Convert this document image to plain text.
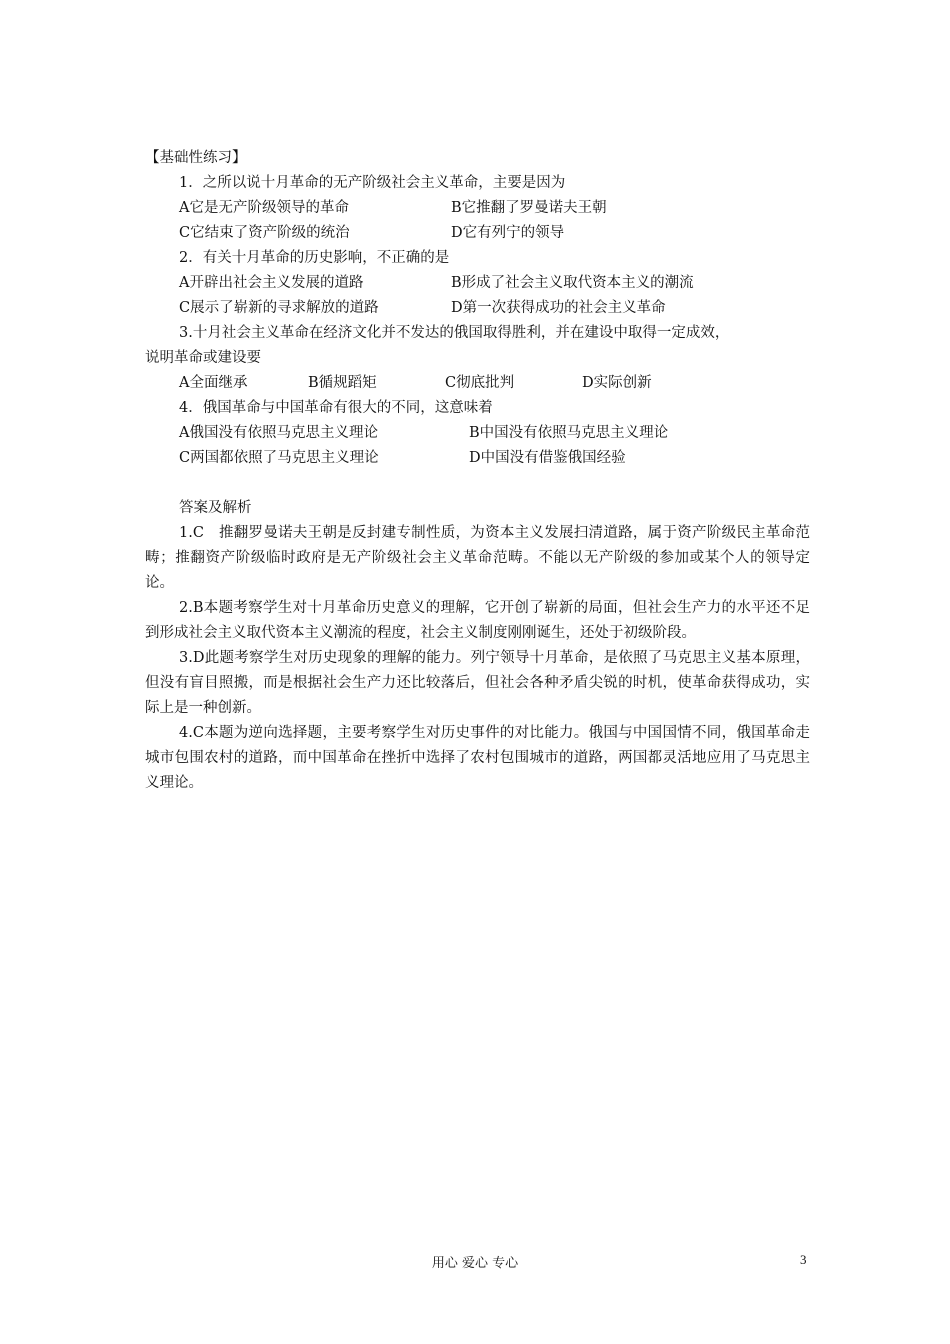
【基础性练习】
1．之所以说十月革命的无产阶级社会主义革命，主要是因为
A它是无产阶级领导的革命	B它推翻了罗曼诺夫王朝
C它结束了资产阶级的统治	D它有列宁的领导
2．有关十月革命的历史影响，不正确的是
A开辟出社会主义发展的道路	B形成了社会主义取代资本主义的潮流
C展示了崭新的寻求解放的道路	D第一次获得成功的社会主义革命
3.十月社会主义革命在经济文化并不发达的俄国取得胜利，并在建设中取得一定成效，
说明革命或建设要
A全面继承	B循规蹈矩	C彻底批判	D实际创新
4．俄国革命与中国革命有很大的不同，这意味着
A俄国没有依照马克思主义理论	B中国没有依照马克思主义理论
C两国都依照了马克思主义理论	D中国没有借鉴俄国经验
答案及解析
1.C　推翻罗曼诺夫王朝是反封建专制性质，为资本主义发展扫清道路，属于资产阶级民主革命范畴；推翻资产阶级临时政府是无产阶级社会主义革命范畴。不能以无产阶级的参加或某个人的领导定论。
2.B本题考察学生对十月革命历史意义的理解，它开创了崭新的局面，但社会生产力的水平还不足到形成社会主义取代资本主义潮流的程度，社会主义制度刚刚诞生，还处于初级阶段。
3.D此题考察学生对历史现象的理解的能力。列宁领导十月革命，是依照了马克思主义基本原理，但没有盲目照搬，而是根据社会生产力还比较落后，但社会各种矛盾尖锐的时机，使革命获得成功，实际上是一种创新。
4.C本题为逆向选择题，主要考察学生对历史事件的对比能力。俄国与中国国情不同，俄国革命走城市包围农村的道路，而中国革命在挫折中选择了农村包围城市的道路，两国都灵活地应用了马克思主义理论。
用心 爱心 专心	3
